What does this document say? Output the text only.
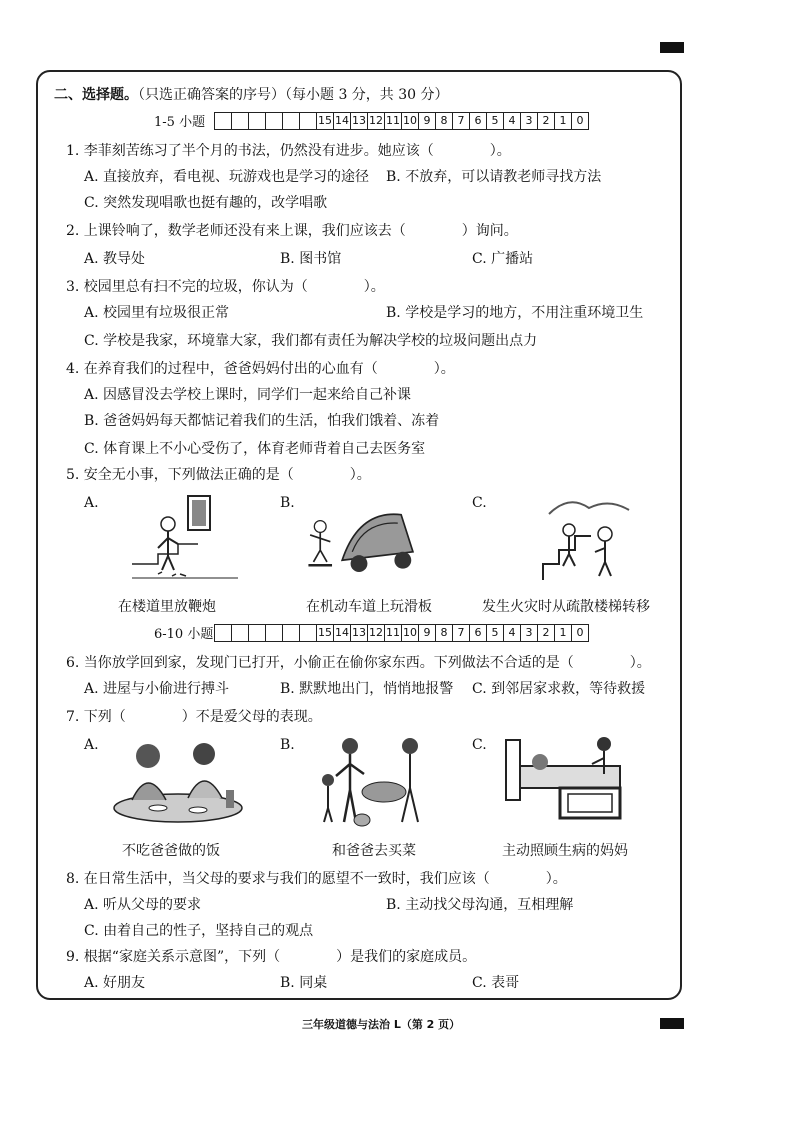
二、选择题。（只选正确答案的序号）（每小题 3 分，共 30 分）
1-5 小题
							15	14	13	12	11	10	9	8	7	6	5	4	3	2	1	0
1. 李菲刻苦练习了半个月的书法，仍然没有进步。她应该（　　　　）。
A. 直接放弃，看电视、玩游戏也是学习的途径 B. 不放弃，可以请教老师寻找方法
C. 突然发现唱歌也挺有趣的，改学唱歌
2. 上课铃响了，数学老师还没有来上课，我们应该去（　　　　）询问。
A. 教导处	B. 图书馆	C. 广播站
3. 校园里总有扫不完的垃圾，你认为（　　　　）。
A. 校园里有垃圾很正常	B. 学校是学习的地方，不用注重环境卫生
C. 学校是我家，环境靠大家，我们都有责任为解决学校的垃圾问题出点力
4. 在养育我们的过程中，爸爸妈妈付出的心血有（　　　　）。
A. 因感冒没去学校上课时，同学们一起来给自己补课
B. 爸爸妈妈每天都惦记着我们的生活，怕我们饿着、冻着
C. 体育课上不小心受伤了，体育老师背着自己去医务室
5. 安全无小事，下列做法正确的是（　　　　）。
A.	B.	C.
在楼道里放鞭炮	在机动车道上玩滑板	发生火灾时从疏散楼梯转移
6-10 小题
							15	14	13	12	11	10	9	8	7	6	5	4	3	2	1	0
6. 当你放学回到家，发现门已打开，小偷正在偷你家东西。下列做法不合适的是（　　　　）。
A. 进屋与小偷进行搏斗	B. 默默地出门，悄悄地报警 C. 到邻居家求救，等待救援
7. 下列（　　　　）不是爱父母的表现。
A.	B.	C.
不吃爸爸做的饭	和爸爸去买菜	主动照顾生病的妈妈
8. 在日常生活中，当父母的要求与我们的愿望不一致时，我们应该（　　　　）。
A. 听从父母的要求	B. 主动找父母沟通，互相理解
C. 由着自己的性子，坚持自己的观点
9. 根据“家庭关系示意图”，下列（　　　　）是我们的家庭成员。
A. 好朋友	B. 同桌	C. 表哥
三年级道德与法治 L（第 2 页）
